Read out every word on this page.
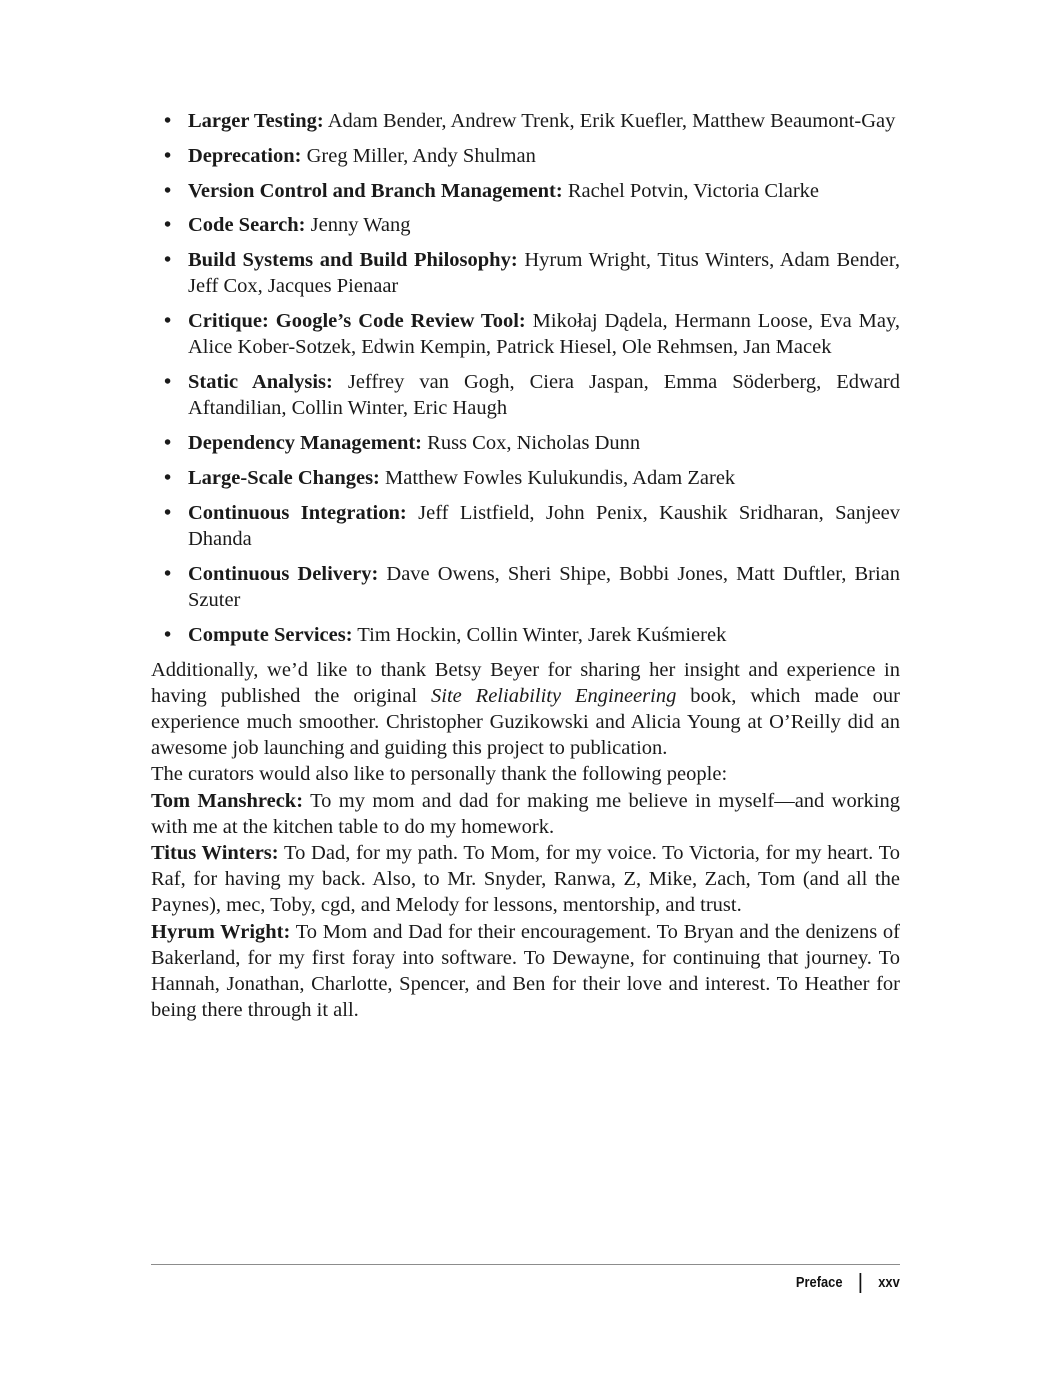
• Larger Testing: Adam Bender, Andrew Trenk, Erik Kuefler, Matthew Beaumont-Gay
• Deprecation: Greg Miller, Andy Shulman
• Version Control and Branch Management: Rachel Potvin, Victoria Clarke
• Code Search: Jenny Wang
• Build Systems and Build Philosophy: Hyrum Wright, Titus Winters, Adam Bender, Jeff Cox, Jacques Pienaar
• Critique: Google’s Code Review Tool: Mikołaj Dądela, Hermann Loose, Eva May, Alice Kober-Sotzek, Edwin Kempin, Patrick Hiesel, Ole Rehmsen, Jan Macek
• Static Analysis: Jeffrey van Gogh, Ciera Jaspan, Emma Söderberg, Edward Aftandilian, Collin Winter, Eric Haugh
• Dependency Management: Russ Cox, Nicholas Dunn
• Large-Scale Changes: Matthew Fowles Kulukundis, Adam Zarek
• Continuous Integration: Jeff Listfield, John Penix, Kaushik Sridharan, Sanjeev Dhanda
• Continuous Delivery: Dave Owens, Sheri Shipe, Bobbi Jones, Matt Duftler, Brian Szuter
• Compute Services: Tim Hockin, Collin Winter, Jarek Kuśmierek

Additionally, we’d like to thank Betsy Beyer for sharing her insight and experience in having published the original Site Reliability Engineering book, which made our experience much smoother. Christopher Guzikowski and Alicia Young at O’Reilly did an awesome job launching and guiding this project to publication.

The curators would also like to personally thank the following people:

Tom Manshreck: To my mom and dad for making me believe in myself—and working with me at the kitchen table to do my homework.

Titus Winters: To Dad, for my path. To Mom, for my voice. To Victoria, for my heart. To Raf, for having my back. Also, to Mr. Snyder, Ranwa, Z, Mike, Zach, Tom (and all the Paynes), mec, Toby, cgd, and Melody for lessons, mentorship, and trust.

Hyrum Wright: To Mom and Dad for their encouragement. To Bryan and the denizens of Bakerland, for my first foray into software. To Dewayne, for continuing that journey. To Hannah, Jonathan, Charlotte, Spencer, and Ben for their love and interest. To Heather for being there through it all.

Preface xxv
